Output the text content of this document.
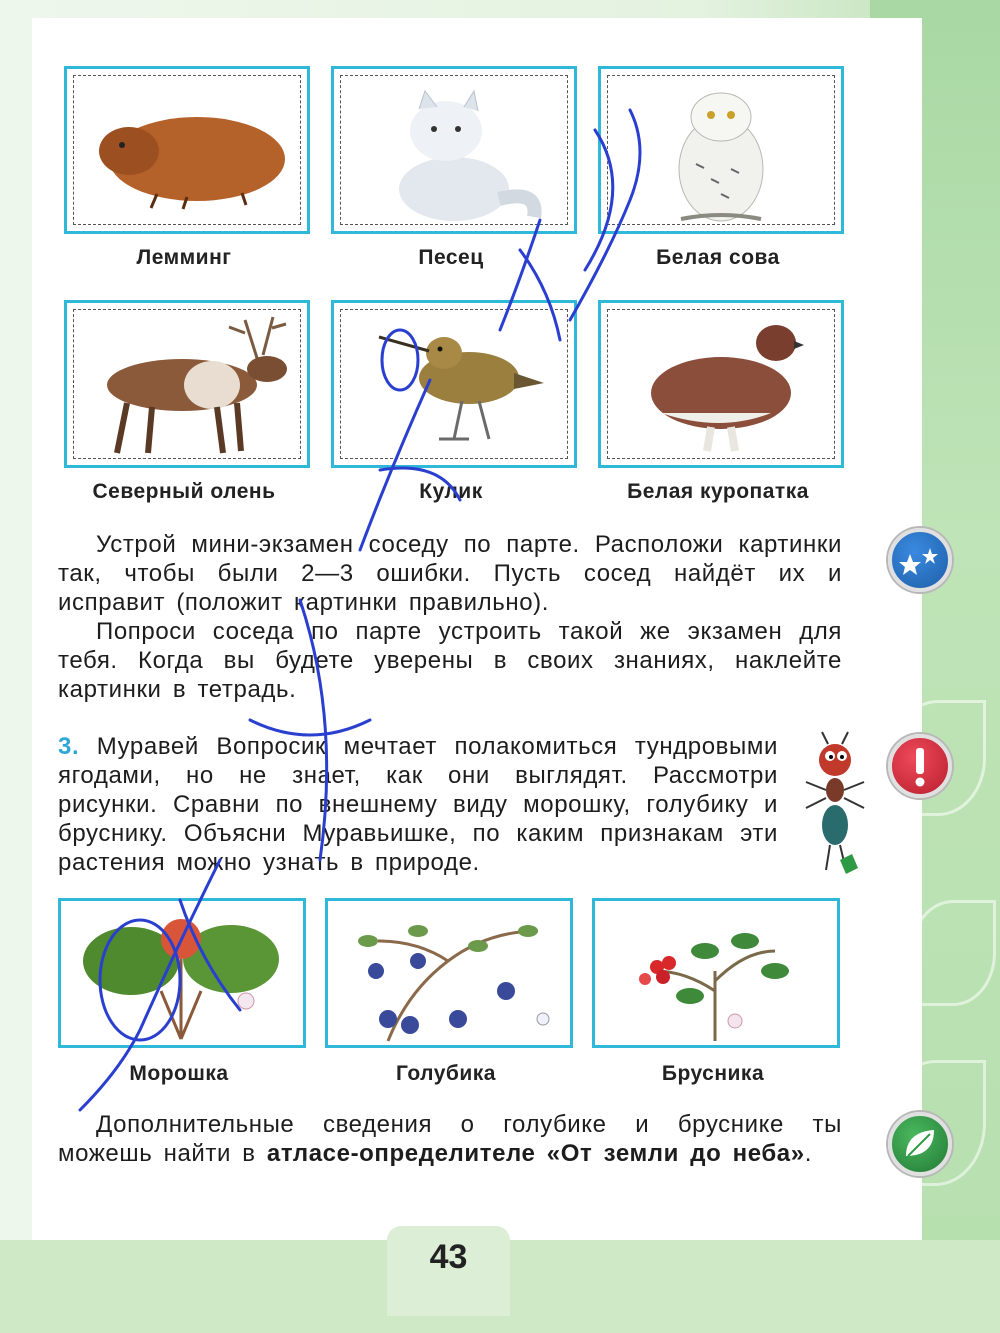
Лемминг	Песец	Белая сова
Северный олень	Кулик	Белая куропатка

Устрой мини-экзамен соседу по парте. Расположи картинки так, чтобы были 2—3 ошибки. Пусть сосед найдёт их и исправит (положит картинки правильно).

Попроси соседа по парте устроить такой же экзамен для тебя. Когда вы будете уверены в своих знаниях, наклейте картинки в тетрадь.

3. Муравей Вопросик мечтает полакомиться тундровыми ягодами, но не знает, как они выглядят. Рассмотри рисунки. Сравни по внешнему виду морошку, голубику и бруснику. Объясни Муравьишке, по каким признакам эти растения можно узнать в природе.

Морошка	Голубика	Брусника

Дополнительные сведения о голубике и бруснике ты можешь найти в атласе-определителе «От земли до неба».

43
